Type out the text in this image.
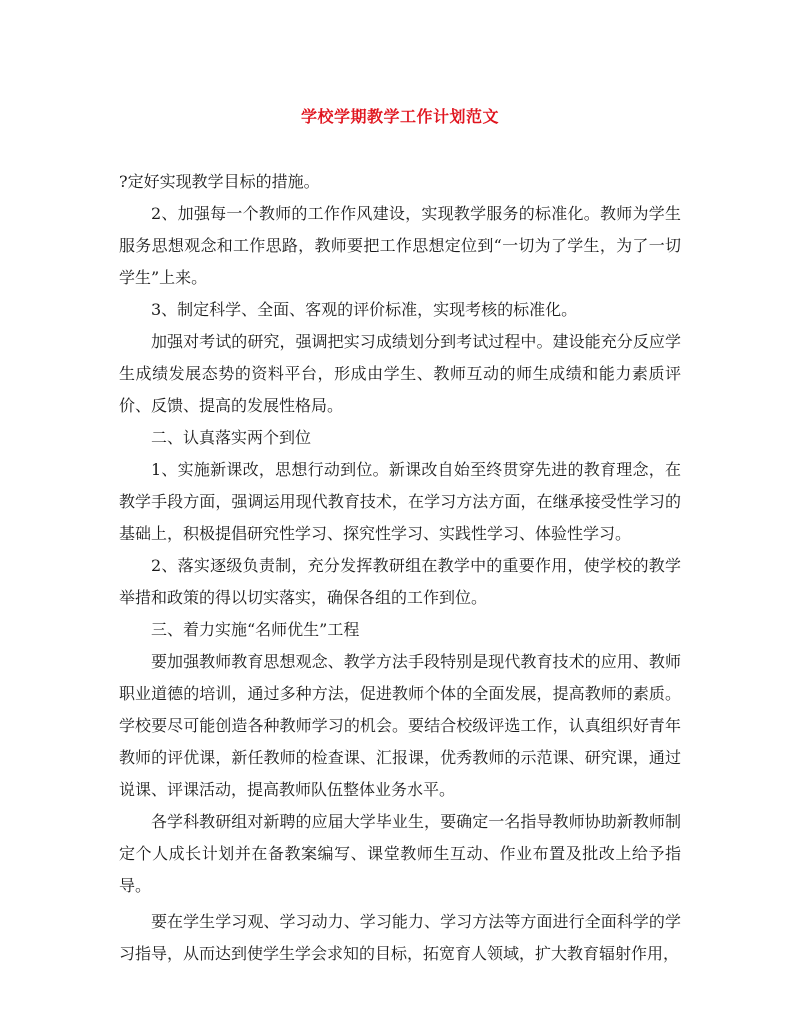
学校学期教学工作计划范文

?定好实现教学目标的措施。

2、加强每一个教师的工作作风建设，实现教学服务的标准化。教师为学生服务思想观念和工作思路，教师要把工作思想定位到“一切为了学生，为了一切学生”上来。

3、制定科学、全面、客观的评价标准，实现考核的标准化。

加强对考试的研究，强调把实习成绩划分到考试过程中。建设能充分反应学生成绩发展态势的资料平台，形成由学生、教师互动的师生成绩和能力素质评价、反馈、提高的发展性格局。

二、认真落实两个到位

1、实施新课改，思想行动到位。新课改自始至终贯穿先进的教育理念，在教学手段方面，强调运用现代教育技术，在学习方法方面，在继承接受性学习的基础上，积极提倡研究性学习、探究性学习、实践性学习、体验性学习。

2、落实逐级负责制，充分发挥教研组在教学中的重要作用，使学校的教学举措和政策的得以切实落实，确保各组的工作到位。

三、着力实施“名师优生”工程

要加强教师教育思想观念、教学方法手段特别是现代教育技术的应用、教师职业道德的培训，通过多种方法，促进教师个体的全面发展，提高教师的素质。学校要尽可能创造各种教师学习的机会。要结合校级评选工作，认真组织好青年教师的评优课，新任教师的检查课、汇报课，优秀教师的示范课、研究课，通过说课、评课活动，提高教师队伍整体业务水平。

各学科教研组对新聘的应届大学毕业生，要确定一名指导教师协助新教师制定个人成长计划并在备教案编写、课堂教师生互动、作业布置及批改上给予指导。

要在学生学习观、学习动力、学习能力、学习方法等方面进行全面科学的学习指导，从而达到使学生学会求知的目标，拓宽育人领域，扩大教育辐射作用，
